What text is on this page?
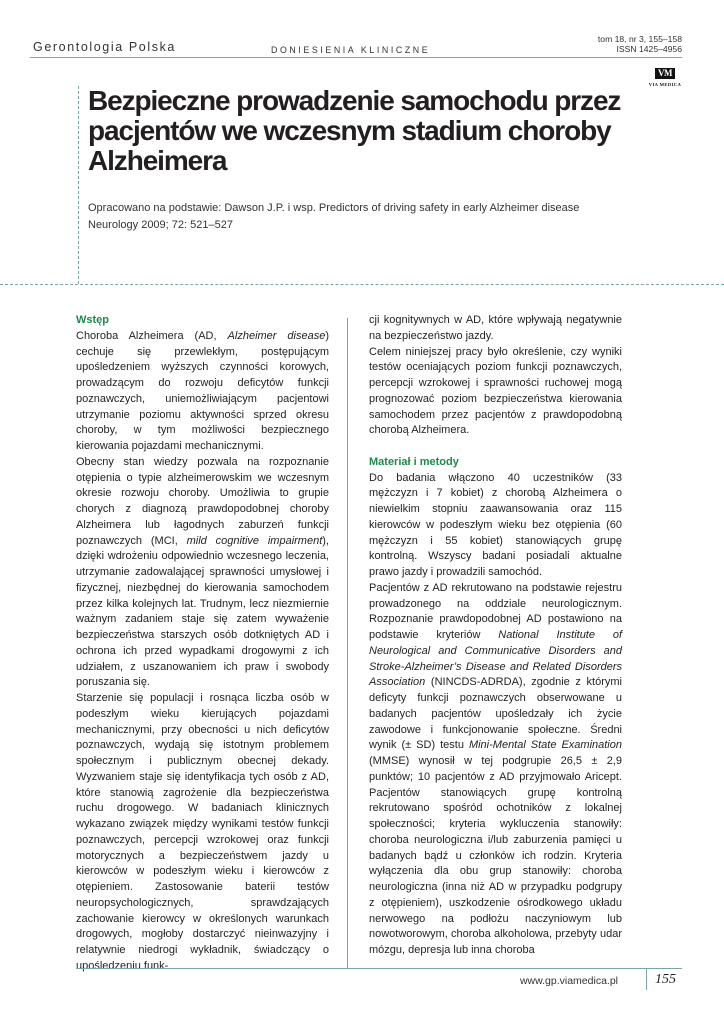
Gerontologia Polska	DONIESIENIA KLINICZNE
tom 18, nr 3, 155–158
ISSN 1425–4956
VM
VIA MEDICA
Bezpieczne prowadzenie samochodu przez pacjentów we wczesnym stadium choroby Alzheimera
Opracowano na podstawie: Dawson J.P. i wsp. Predictors of driving safety in early Alzheimer disease
Neurology 2009; 72: 521–527
Wstęp

Choroba Alzheimera (AD, Alzheimer disease) cechuje się przewlekłym, postępującym upośledzeniem wyższych czynności korowych, prowadzącym do rozwoju deficytów funkcji poznawczych, uniemożliwiającym pacjentowi utrzymanie poziomu aktywności sprzed okresu choroby, w tym możliwości bezpiecznego kierowania pojazdami mechanicznymi.

Obecny stan wiedzy pozwala na rozpoznanie otępienia o typie alzheimerowskim we wczesnym okresie rozwoju choroby. Umożliwia to grupie chorych z diagnozą prawdopodobnej choroby Alzheimera lub łagodnych zaburzeń funkcji poznawczych (MCI, mild cognitive impairment), dzięki wdrożeniu odpowiednio wczesnego leczenia, utrzymanie zadowalającej sprawności umysłowej i fizycznej, niezbędnej do kierowania samochodem przez kilka kolejnych lat. Trudnym, lecz niezmiernie ważnym zadaniem staje się zatem wyważenie bezpieczeństwa starszych osób dotkniętych AD i ochrona ich przed wypadkami drogowymi z ich udziałem, z uszanowaniem ich praw i swobody poruszania się.

Starzenie się populacji i rosnąca liczba osób w podeszłym wieku kierujących pojazdami mechanicznymi, przy obecności u nich deficytów poznawczych, wydają się istotnym problemem społecznym i publicznym obecnej dekady. Wyzwaniem staje się identyfikacja tych osób z AD, które stanowią zagrożenie dla bezpieczeństwa ruchu drogowego. W badaniach klinicznych wykazano związek między wynikami testów funkcji poznawczych, percepcji wzrokowej oraz funkcji motorycznych a bezpieczeństwem jazdy u kierowców w podeszłym wieku i kierowców z otępieniem. Zastosowanie baterii testów neuropsychologicznych, sprawdzających zachowanie kierowcy w określonych warunkach drogowych, mogłoby dostarczyć nieinwazyjny i relatywnie niedrogi wykładnik, świadczący o upośledzeniu funk-

cji kognitywnych w AD, które wpływają negatywnie na bezpieczeństwo jazdy.

Celem niniejszej pracy było określenie, czy wyniki testów oceniających poziom funkcji poznawczych, percepcji wzrokowej i sprawności ruchowej mogą prognozować poziom bezpieczeństwa kierowania samochodem przez pacjentów z prawdopodobną chorobą Alzheimera.

Materiał i metody

Do badania włączono 40 uczestników (33 mężczyzn i 7 kobiet) z chorobą Alzheimera o niewielkim stopniu zaawansowania oraz 115 kierowców w podeszłym wieku bez otępienia (60 mężczyzn i 55 kobiet) stanowiących grupę kontrolną. Wszyscy badani posiadali aktualne prawo jazdy i prowadzili samochód.

Pacjentów z AD rekrutowano na podstawie rejestru prowadzonego na oddziale neurologicznym. Rozpoznanie prawdopodobnej AD postawiono na podstawie kryteriów National Institute of Neurological and Communicative Disorders and Stroke-Alzheimer’s Disease and Related Disorders Association (NINCDS-ADRDA), zgodnie z którymi deficyty funkcji poznawczych obserwowane u badanych pacjentów upośledzały ich życie zawodowe i funkcjonowanie społeczne. Średni wynik (± SD) testu Mini-Mental State Examination (MMSE) wynosił w tej podgrupie 26,5 ± 2,9 punktów; 10 pacjentów z AD przyjmowało Aricept. Pacjentów stanowiących grupę kontrolną rekrutowano spośród ochotników z lokalnej społeczności; kryteria wykluczenia stanowiły: choroba neurologiczna i/lub zaburzenia pamięci u badanych bądź u członków ich rodzin. Kryteria wyłączenia dla obu grup stanowiły: choroba neurologiczna (inna niż AD w przypadku podgrupy z otępieniem), uszkodzenie ośrodkowego układu nerwowego na podłożu naczyniowym lub nowotworowym, choroba alkoholowa, przebyty udar mózgu, depresja lub inna choroba

www.gp.viamedica.pl	155
